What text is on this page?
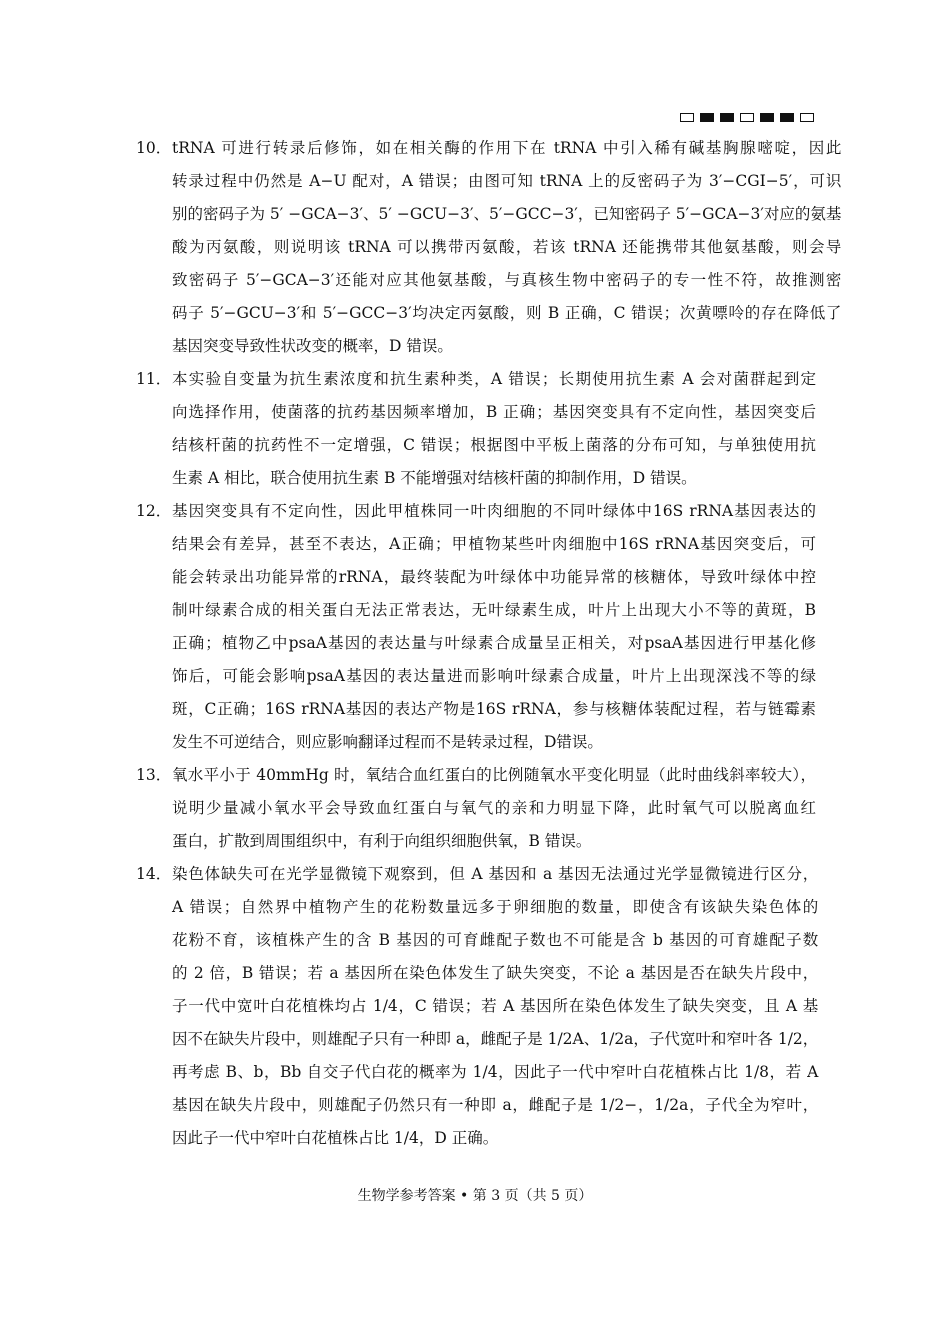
10． tRNA 可进行转录后修饰，如在相关酶的作用下在 tRNA 中引入稀有碱基胸腺嘧啶，因此
转录过程中仍然是 A−U 配对，A 错误；由图可知 tRNA 上的反密码子为 3′−CGI−5′，可识
别的密码子为 5′ −GCA−3′、5′ −GCU−3′、5′−GCC−3′，已知密码子 5′−GCA−3′对应的氨基
酸为丙氨酸，则说明该 tRNA 可以携带丙氨酸，若该 tRNA 还能携带其他氨基酸，则会导
致密码子 5′−GCA−3′还能对应其他氨基酸，与真核生物中密码子的专一性不符，故推测密
码子 5′−GCU−3′和 5′−GCC−3′均决定丙氨酸，则 B 正确，C 错误；次黄嘌呤的存在降低了
基因突变导致性状改变的概率，D 错误。
11． 本实验自变量为抗生素浓度和抗生素种类，A 错误；长期使用抗生素 A 会对菌群起到定
向选择作用，使菌落的抗药基因频率增加，B 正确；基因突变具有不定向性，基因突变后
结核杆菌的抗药性不一定增强，C 错误；根据图中平板上菌落的分布可知，与单独使用抗
生素 A 相比，联合使用抗生素 B 不能增强对结核杆菌的抑制作用，D 错误。
12． 基因突变具有不定向性，因此甲植株同一叶肉细胞的不同叶绿体中16S rRNA基因表达的
结果会有差异，甚至不表达，A正确；甲植物某些叶肉细胞中16S rRNA基因突变后，可
能会转录出功能异常的rRNA，最终装配为叶绿体中功能异常的核糖体，导致叶绿体中控
制叶绿素合成的相关蛋白无法正常表达，无叶绿素生成，叶片上出现大小不等的黄斑，B
正确；植物乙中psaA基因的表达量与叶绿素合成量呈正相关，对psaA基因进行甲基化修
饰后，可能会影响psaA基因的表达量进而影响叶绿素合成量，叶片上出现深浅不等的绿
斑，C正确；16S rRNA基因的表达产物是16S rRNA，参与核糖体装配过程，若与链霉素
发生不可逆结合，则应影响翻译过程而不是转录过程，D错误。
13． 氧水平小于 40mmHg 时，氧结合血红蛋白的比例随氧水平变化明显（此时曲线斜率较大），
说明少量减小氧水平会导致血红蛋白与氧气的亲和力明显下降，此时氧气可以脱离血红
蛋白，扩散到周围组织中，有利于向组织细胞供氧，B 错误。
14． 染色体缺失可在光学显微镜下观察到，但 A 基因和 a 基因无法通过光学显微镜进行区分，
A 错误；自然界中植物产生的花粉数量远多于卵细胞的数量，即使含有该缺失染色体的
花粉不育，该植株产生的含 B 基因的可育雌配子数也不可能是含 b 基因的可育雄配子数
的 2 倍，B 错误；若 a 基因所在染色体发生了缺失突变，不论 a 基因是否在缺失片段中，
子一代中宽叶白花植株均占 1/4，C 错误；若 A 基因所在染色体发生了缺失突变，且 A 基
因不在缺失片段中，则雄配子只有一种即 a，雌配子是 1/2A、1/2a，子代宽叶和窄叶各 1/2，
再考虑 B、b，Bb 自交子代白花的概率为 1/4，因此子一代中窄叶白花植株占比 1/8，若 A
基因在缺失片段中，则雄配子仍然只有一种即 a，雌配子是 1/2−，1/2a，子代全为窄叶，
因此子一代中窄叶白花植株占比 1/4，D 正确。
生物学参考答案 • 第 3 页（共 5 页）
